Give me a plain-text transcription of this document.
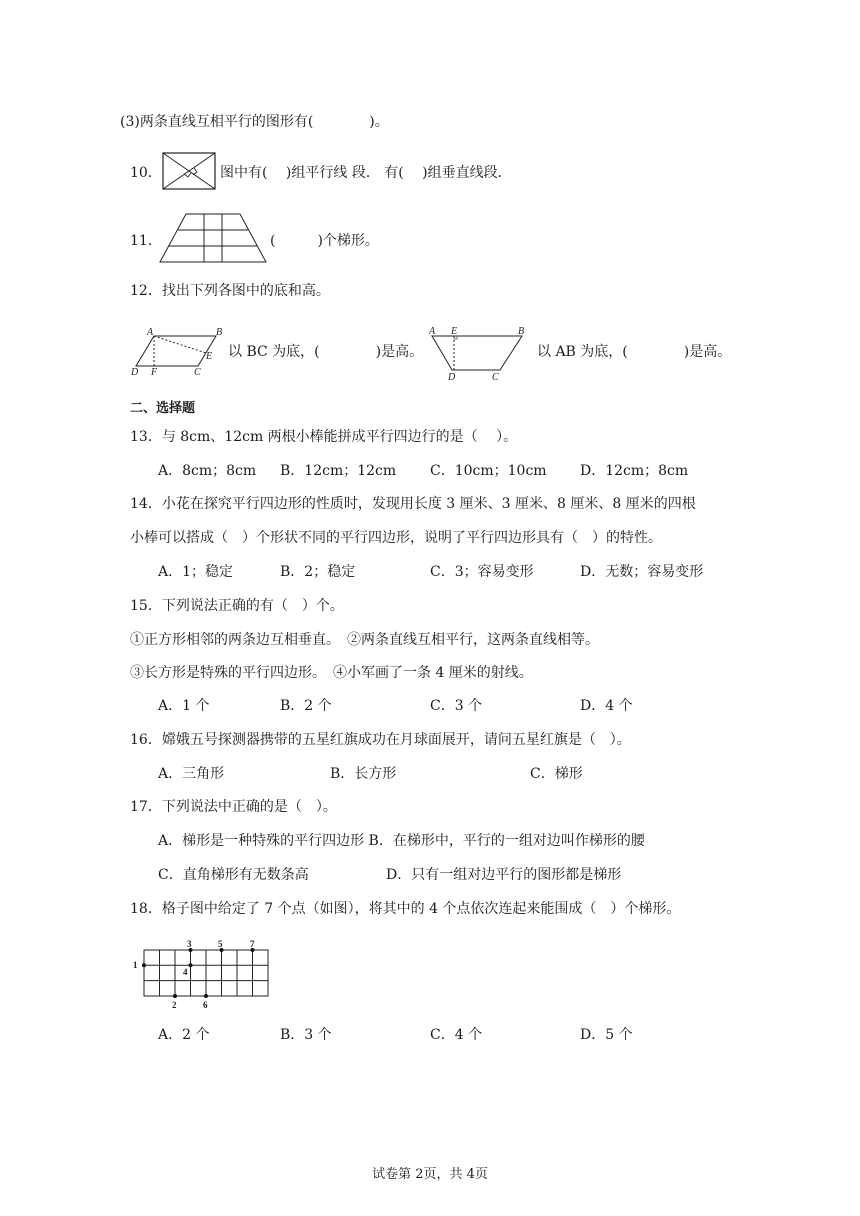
(3)两条直线互相平行的图形有(　　　　)。
10．	图中有(　 )组平行线 段． 有(　 )组垂直线段．
11．	(　　　)个梯形。
12．找出下列各图中的底和高。
A	B
D F	C
E 以 BC 为底，(　　　　)是高。
A E	B
D	C
以 AB 为底，(　　　　)是高。
二、选择题
13．与 8cm、12cm 两根小棒能拼成平行四边行的是（　 ）。
A．8cm；8cm B．12cm；12cm C．10cm；10cm D．12cm；8cm
14．小花在探究平行四边形的性质时，发现用长度 3 厘米、3 厘米、8 厘米、8 厘米的四根
小棒可以搭成（　）个形状不同的平行四边形，说明了平行四边形具有（　）的特性。
A．1；稳定	B．2；稳定	C．3；容易变形	D．无数；容易变形
15．下列说法正确的有（　）个。
①正方形相邻的两条边互相垂直。　②两条直线互相平行，这两条直线相等。
③长方形是特殊的平行四边形。　④小军画了一条 4 厘米的射线。
A．1 个	B．2 个	C．3 个	D．4 个
16．嫦娥五号探测器携带的五星红旗成功在月球面展开，请问五星红旗是（　）。
A．三角形	B．长方形	C．梯形
17．下列说法中正确的是（　）。
A．梯形是一种特殊的平行四边形 B．在梯形中，平行的一组对边叫作梯形的腰
C．直角梯形有无数条高	D．只有一组对边平行的图形都是梯形
18．格子图中给定了 7 个点（如图），将其中的 4 个点依次连起来能围成（　）个梯形。
1
2
3
4
5
6
7
A．2 个	B．3 个	C．4 个	D．5 个
试卷第 2页，共 4页
